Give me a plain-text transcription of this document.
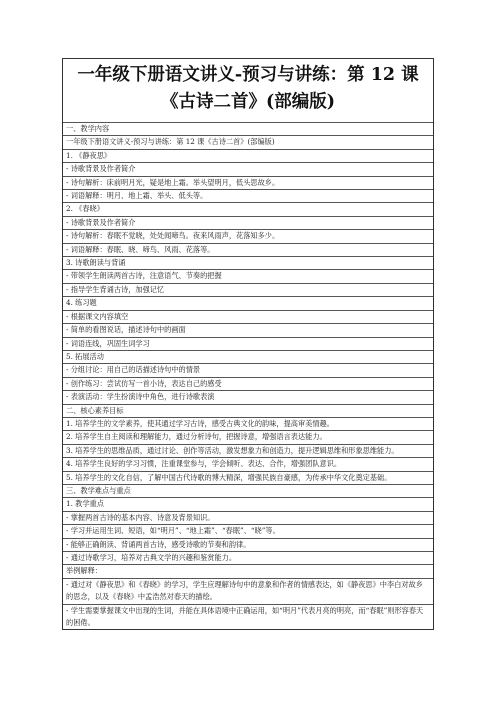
一年级下册语文讲义-预习与讲练：第 12 课
《古诗二首》(部编版)
一、教学内容
一年级下册语文讲义-预习与讲练：第 12 课《古诗二首》(部编版)
1. 《静夜思》
- 诗歌背景及作者简介
- 诗句解析：床前明月光，疑是地上霜。举头望明月，低头思故乡。
- 词语解释：明月、地上霜、举头、低头等。
2. 《春晓》
- 诗歌背景及作者简介
- 诗句解析：春眠不觉晓，处处闻啼鸟。夜来风雨声，花落知多少。
- 词语解释：春眠、晓、啼鸟、风雨、花落等。
3. 诗歌朗读与背诵
- 带领学生朗读两首古诗，注意语气、节奏的把握
- 指导学生背诵古诗，加强记忆
4. 练习题
- 根据课文内容填空
- 简单的看图说话，描述诗句中的画面
- 词语连线，巩固生词学习
5. 拓展活动
- 分组讨论：用自己的话描述诗句中的情景
- 创作练习：尝试仿写一首小诗，表达自己的感受
- 表演活动：学生扮演诗中角色，进行诗歌表演
二、核心素养目标
1. 培养学生的文学素养，使其通过学习古诗，感受古典文化的韵味，提高审美情趣。
2. 培养学生自主阅读和理解能力，通过分析诗句，把握诗意，增强语言表达能力。
3. 培养学生的思维品质，通过讨论、创作等活动，激发想象力和创造力，提升逻辑思维和形象思维能力。
4. 培养学生良好的学习习惯，注重课堂参与，学会倾听、表达、合作，增强团队意识。
5. 培养学生的文化自信，了解中国古代诗歌的博大精深，增强民族自豪感，为传承中华文化奠定基础。
三、教学难点与重点
1. 教学重点
- 掌握两首古诗的基本内容、诗意及背景知识。
- 学习并运用生词、短语，如“明月”、“地上霜”、“春眠”、“晓”等。
- 能够正确朗读、背诵两首古诗，感受诗歌的节奏和韵律。
- 通过诗歌学习，培养对古典文学的兴趣和鉴赏能力。
举例解释：
- 通过对《静夜思》和《春晓》的学习，学生应理解诗句中的意象和作者的情感表达，如《静夜思》中李白对故乡的思念，以及《春晓》中孟浩然对春天的描绘。
- 学生需要掌握课文中出现的生词，并能在具体语境中正确运用，如“明月”代表月亮的明亮，而“春眠”则形容春天的困倦。
